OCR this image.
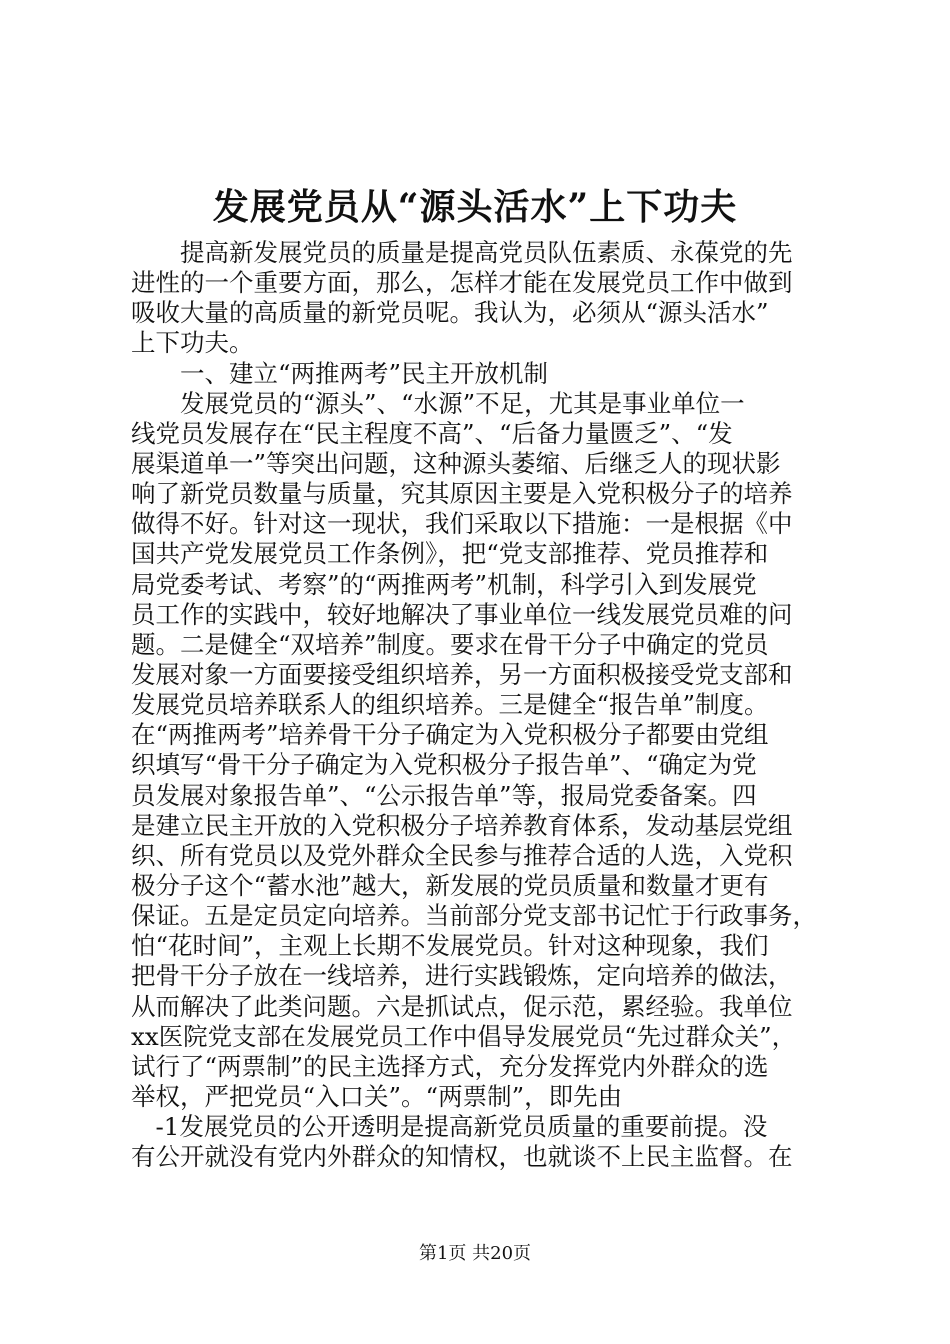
发展党员从“源头活水”上下功夫
　　提高新发展党员的质量是提高党员队伍素质、永葆党的先
进性的一个重要方面，那么，怎样才能在发展党员工作中做到
吸收大量的高质量的新党员呢。我认为，必须从“源头活水”
上下功夫。
　　一、建立“两推两考”民主开放机制
　　发展党员的“源头”、“水源”不足，尤其是事业单位一
线党员发展存在“民主程度不高”、“后备力量匮乏”、“发
展渠道单一”等突出问题，这种源头萎缩、后继乏人的现状影
响了新党员数量与质量，究其原因主要是入党积极分子的培养
做得不好。针对这一现状，我们采取以下措施：一是根据《中
国共产党发展党员工作条例》，把“党支部推荐、党员推荐和
局党委考试、考察”的“两推两考”机制，科学引入到发展党
员工作的实践中，较好地解决了事业单位一线发展党员难的问
题。二是健全“双培养”制度。要求在骨干分子中确定的党员
发展对象一方面要接受组织培养，另一方面积极接受党支部和
发展党员培养联系人的组织培养。三是健全“报告单”制度。
在“两推两考”培养骨干分子确定为入党积极分子都要由党组
织填写“骨干分子确定为入党积极分子报告单”、“确定为党
员发展对象报告单”、“公示报告单”等，报局党委备案。四
是建立民主开放的入党积极分子培养教育体系，发动基层党组
织、所有党员以及党外群众全民参与推荐合适的人选，入党积
极分子这个“蓄水池”越大，新发展的党员质量和数量才更有
保证。五是定员定向培养。当前部分党支部书记忙于行政事务，
怕“花时间”，主观上长期不发展党员。针对这种现象，我们
把骨干分子放在一线培养，进行实践锻炼，定向培养的做法，
从而解决了此类问题。六是抓试点，促示范，累经验。我单位
xx医院党支部在发展党员工作中倡导发展党员“先过群众关”，
试行了“两票制”的民主选择方式，充分发挥党内外群众的选
举权，严把党员“入口关”。“两票制”，即先由
　-1发展党员的公开透明是提高新党员质量的重要前提。没
有公开就没有党内外群众的知情权，也就谈不上民主监督。在
第1页 共20页
